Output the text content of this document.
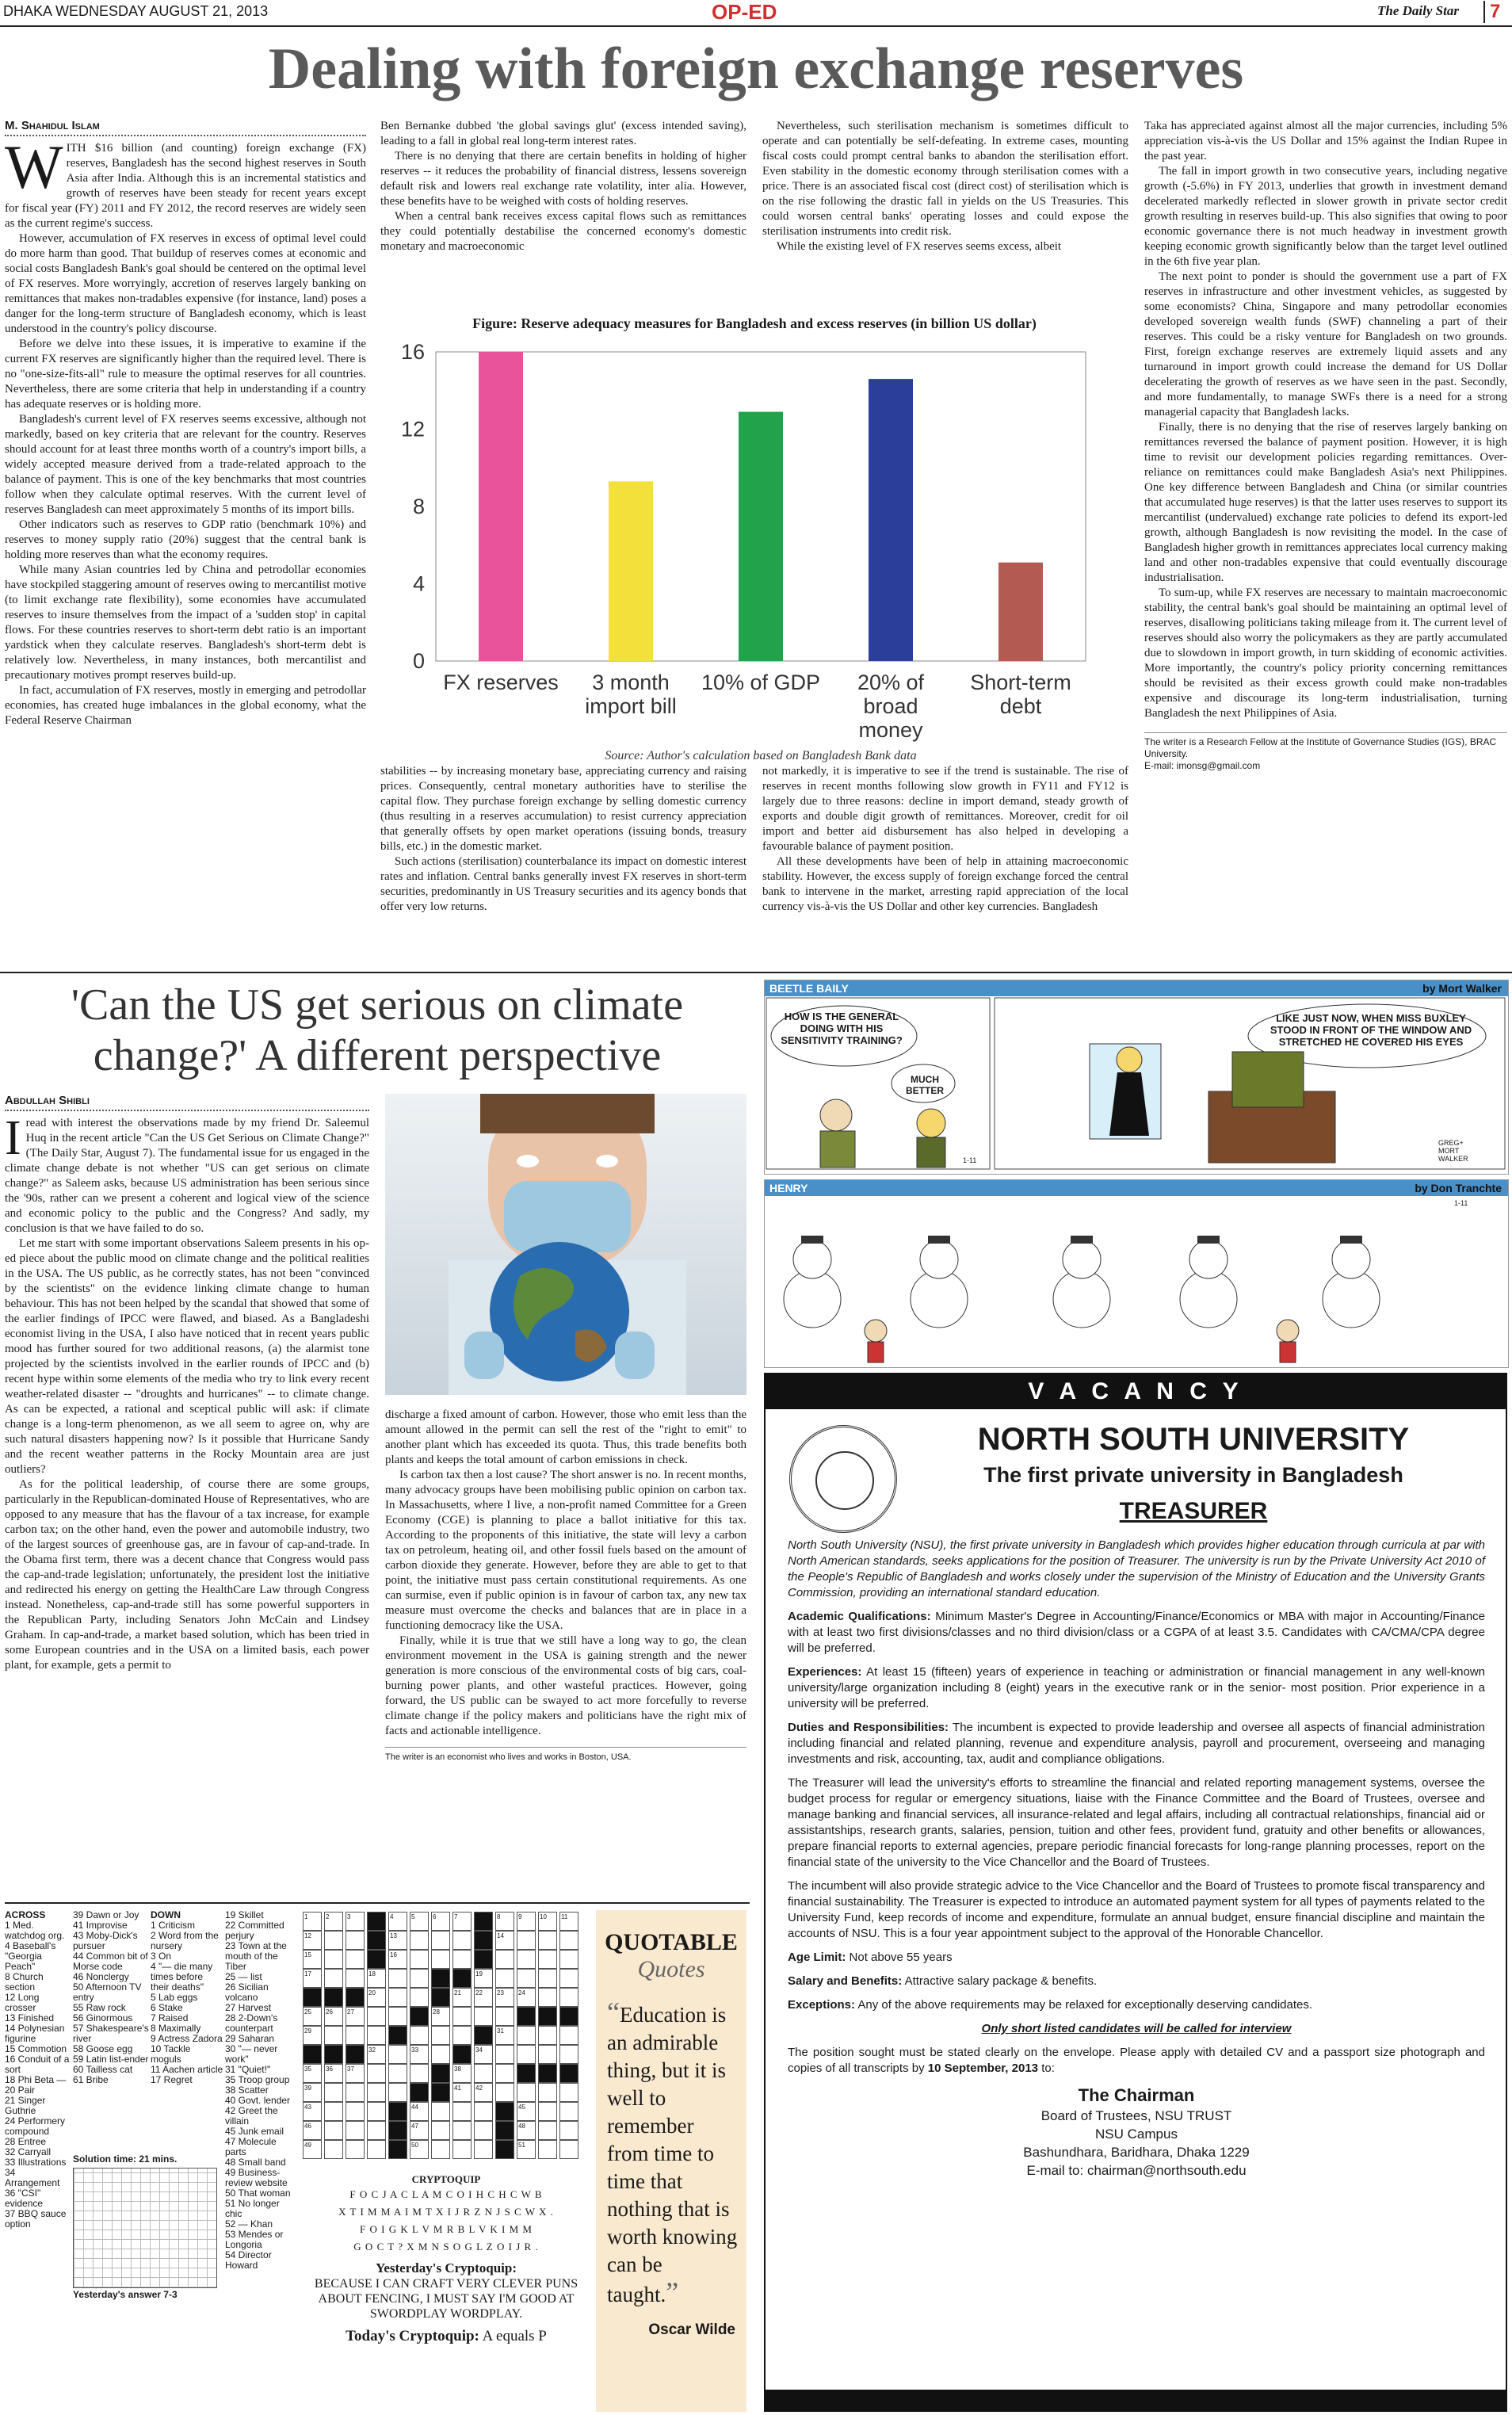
DHAKA WEDNESDAY AUGUST 21, 2013	OP-ED	The Daily Star	7
Dealing with foreign exchange reserves
M. Shahidul Islam

WITH $16 billion (and counting) foreign exchange (FX) reserves, Bangladesh has the second highest reserves in South Asia after India. Although this is an incremental statistics and growth of reserves have been steady for recent years except for fiscal year (FY) 2011 and FY 2012, the record reserves are widely seen as the current regime's success.

However, accumulation of FX reserves in excess of optimal level could do more harm than good. That buildup of reserves comes at economic and social costs Bangladesh Bank's goal should be centered on the optimal level of FX reserves. More worryingly, accretion of reserves largely banking on remittances that makes non-tradables expensive (for instance, land) poses a danger for the long-term structure of Bangladesh economy, which is least understood in the country's policy discourse.

Before we delve into these issues, it is imperative to examine if the current FX reserves are significantly higher than the required level. There is no "one-size-fits-all" rule to measure the optimal reserves for all countries. Nevertheless, there are some criteria that help in understanding if a country has adequate reserves or is holding more.

Bangladesh's current level of FX reserves seems excessive, although not markedly, based on key criteria that are relevant for the country. Reserves should account for at least three months worth of a country's import bills, a widely accepted measure derived from a trade-related approach to the balance of payment. This is one of the key benchmarks that most countries follow when they calculate optimal reserves. With the current level of reserves Bangladesh can meet approximately 5 months of its import bills.

Other indicators such as reserves to GDP ratio (benchmark 10%) and reserves to money supply ratio (20%) suggest that the central bank is holding more reserves than what the economy requires.

While many Asian countries led by China and petrodollar economies have stockpiled staggering amount of reserves owing to mercantilist motive (to limit exchange rate flexibility), some economies have accumulated reserves to insure themselves from the impact of a 'sudden stop' in capital flows. For these countries reserves to short-term debt ratio is an important yardstick when they calculate reserves. Bangladesh's short-term debt is relatively low. Nevertheless, in many instances, both mercantilist and precautionary motives prompt reserves build-up.

In fact, accumulation of FX reserves, mostly in emerging and petrodollar economies, has created huge imbalances in the global economy, what the Federal Reserve Chairman

Ben Bernanke dubbed 'the global savings glut' (excess intended saving), leading to a fall in global real long-term interest rates.

There is no denying that there are certain benefits in holding of higher reserves -- it reduces the probability of financial distress, lessens sovereign default risk and lowers real exchange rate volatility, inter alia. However, these benefits have to be weighed with costs of holding reserves.

When a central bank receives excess capital flows such as remittances they could potentially destabilise the concerned economy's domestic monetary and macroeconomic

Nevertheless, such sterilisation mechanism is sometimes difficult to operate and can potentially be self-defeating. In extreme cases, mounting fiscal costs could prompt central banks to abandon the sterilisation effort. Even stability in the domestic economy through sterilisation comes with a price. There is an associated fiscal cost (direct cost) of sterilisation which is on the rise following the drastic fall in yields on the US Treasuries. This could worsen central banks' operating losses and could expose the sterilisation instruments into credit risk.

While the existing level of FX reserves seems excess, albeit

Figure: Reserve adequacy measures for Bangladesh and excess reserves (in billion US dollar)
0
4
8
12
16
FX reserves	3 month import bill
10% of GDP 20% of broad money
Short-term debt
Source: Author's calculation based on Bangladesh Bank data

stabilities -- by increasing monetary base, appreciating currency and raising prices. Consequently, central monetary authorities have to sterilise the capital flow. They purchase foreign exchange by selling domestic currency (thus resulting in a reserves accumulation) to resist currency appreciation that generally offsets by open market operations (issuing bonds, treasury bills, etc.) in the domestic market.

Such actions (sterilisation) counterbalance its impact on domestic interest rates and inflation. Central banks generally invest FX reserves in short-term securities, predominantly in US Treasury securities and its agency bonds that offer very low returns.

not markedly, it is imperative to see if the trend is sustainable. The rise of reserves in recent months following slow growth in FY11 and FY12 is largely due to three reasons: decline in import demand, steady growth of exports and double digit growth of remittances. Moreover, credit for oil import and better aid disbursement has also helped in developing a favourable balance of payment position.

All these developments have been of help in attaining macroeconomic stability. However, the excess supply of foreign exchange forced the central bank to intervene in the market, arresting rapid appreciation of the local currency vis-à-vis the US Dollar and other key currencies. Bangladesh

Taka has appreciated against almost all the major currencies, including 5% appreciation vis-à-vis the US Dollar and 15% against the Indian Rupee in the past year.

The fall in import growth in two consecutive years, including negative growth (-5.6%) in FY 2013, underlies that growth in investment demand decelerated markedly reflected in slower growth in private sector credit growth resulting in reserves build-up. This also signifies that owing to poor economic governance there is not much headway in investment growth keeping economic growth significantly below than the target level outlined in the 6th five year plan.

The next point to ponder is should the government use a part of FX reserves in infrastructure and other investment vehicles, as suggested by some economists? China, Singapore and many petrodollar economies developed sovereign wealth funds (SWF) channeling a part of their reserves. This could be a risky venture for Bangladesh on two grounds. First, foreign exchange reserves are extremely liquid assets and any turnaround in import growth could increase the demand for US Dollar decelerating the growth of reserves as we have seen in the past. Secondly, and more fundamentally, to manage SWFs there is a need for a strong managerial capacity that Bangladesh lacks.

Finally, there is no denying that the rise of reserves largely banking on remittances reversed the balance of payment position. However, it is high time to revisit our development policies regarding remittances. Over-reliance on remittances could make Bangladesh Asia's next Philippines. One key difference between Bangladesh and China (or similar countries that accumulated huge reserves) is that the latter uses reserves to support its mercantilist (undervalued) exchange rate policies to defend its export-led growth, although Bangladesh is now revisiting the model. In the case of Bangladesh higher growth in remittances appreciates local currency making land and other non-tradables expensive that could eventually discourage industrialisation.

To sum-up, while FX reserves are necessary to maintain macroeconomic stability, the central bank's goal should be maintaining an optimal level of reserves, disallowing politicians taking mileage from it. The current level of reserves should also worry the policymakers as they are partly accumulated due to slowdown in import growth, in turn skidding of economic activities. More importantly, the country's policy priority concerning remittances should be revisited as their excess growth could make non-tradables expensive and discourage its long-term industrialisation, turning Bangladesh the next Philippines of Asia.

The writer is a Research Fellow at the Institute of Governance Studies (IGS), BRAC University.
E-mail: imonsg@gmail.com
'Can the US get serious on climate
change?' A different perspective
Abdullah Shibli

Iread with interest the observations made by my friend Dr. Saleemul Huq in the recent article "Can the US Get Serious on Climate Change?" (The Daily Star, August 7). The fundamental issue for us engaged in the climate change debate is not whether "US can get serious on climate change?" as Saleem asks, because US administration has been serious since the '90s, rather can we present a coherent and logical view of the science and economic policy to the public and the Congress? And sadly, my conclusion is that we have failed to do so.

Let me start with some important observations Saleem presents in his op-ed piece about the public mood on climate change and the political realities in the USA. The US public, as he correctly states, has not been "convinced by the scientists" on the evidence linking climate change to human behaviour. This has not been helped by the scandal that showed that some of the earlier findings of IPCC were flawed, and biased. As a Bangladeshi economist living in the USA, I also have noticed that in recent years public mood has further soured for two additional reasons, (a) the alarmist tone projected by the scientists involved in the earlier rounds of IPCC and (b) recent hype within some elements of the media who try to link every recent weather-related disaster -- "droughts and hurricanes" -- to climate change. As can be expected, a rational and sceptical public will ask: if climate change is a long-term phenomenon, as we all seem to agree on, why are such natural disasters happening now? Is it possible that Hurricane Sandy and the recent weather patterns in the Rocky Mountain area are just outliers?

As for the political leadership, of course there are some groups, particularly in the Republican-dominated House of Representatives, who are opposed to any measure that has the flavour of a tax increase, for example carbon tax; on the other hand, even the power and automobile industry, two of the largest sources of greenhouse gas, are in favour of cap-and-trade. In the Obama first term, there was a decent chance that Congress would pass the cap-and-trade legislation; unfortunately, the president lost the initiative and redirected his energy on getting the HealthCare Law through Congress instead. Nonetheless, cap-and-trade still has some powerful supporters in the Republican Party, including Senators John McCain and Lindsey Graham. In cap-and-trade, a market based solution, which has been tried in some European countries and in the USA on a limited basis, each power plant, for example, gets a permit to

discharge a fixed amount of carbon. However, those who emit less than the amount allowed in the permit can sell the rest of the "right to emit" to another plant which has exceeded its quota. Thus, this trade benefits both plants and keeps the total amount of carbon emissions in check.

Is carbon tax then a lost cause? The short answer is no. In recent months, many advocacy groups have been mobilising public opinion on carbon tax. In Massachusetts, where I live, a non-profit named Committee for a Green Economy (CGE) is planning to place a ballot initiative for this tax. According to the proponents of this initiative, the state will levy a carbon tax on petroleum, heating oil, and other fossil fuels based on the amount of carbon dioxide they generate. However, before they are able to get to that point, the initiative must pass certain constitutional requirements. As one can surmise, even if public opinion is in favour of carbon tax, any new tax measure must overcome the checks and balances that are in place in a functioning democracy like the USA.

Finally, while it is true that we still have a long way to go, the clean environment movement in the USA is gaining strength and the newer generation is more conscious of the environmental costs of big cars, coal-burning power plants, and other wasteful practices. However, going forward, the US public can be swayed to act more forcefully to reverse climate change if the policy makers and politicians have the right mix of facts and actionable intelligence.

The writer is an economist who lives and works in Boston, USA.
BEETLE BAILY	by Mort Walker
HOW IS THE GENERAL DOING WITH HIS SENSITIVITY TRAINING?
MUCH BETTER
LIKE JUST NOW, WHEN MISS BUXLEY STOOD IN FRONT OF THE WINDOW AND STRETCHED HE COVERED HIS EYES
1-11
GREG+ MORT WALKER
HENRY	by Don Tranchte
1-11
V A C A N C Y
NORTH SOUTH UNIVERSITY
The first private university in Bangladesh
TREASURER

North South University (NSU), the first private university in Bangladesh which provides higher education through curricula at par with North American standards, seeks applications for the position of Treasurer. The university is run by the Private University Act 2010 of the People's Republic of Bangladesh and works closely under the supervision of the Ministry of Education and the University Grants Commission, providing an international standard education.

Academic Qualifications: Minimum Master's Degree in Accounting/Finance/Economics or MBA with major in Accounting/Finance with at least two first divisions/classes and no third division/class or a CGPA of at least 3.5. Candidates with CA/CMA/CPA degree will be preferred.

Experiences: At least 15 (fifteen) years of experience in teaching or administration or financial management in any well-known university/large organization including 8 (eight) years in the executive rank or in the senior- most position. Prior experience in a university will be preferred.

Duties and Responsibilities: The incumbent is expected to provide leadership and oversee all aspects of financial administration including financial and related planning, revenue and expenditure analysis, payroll and procurement, overseeing and managing investments and risk, accounting, tax, audit and compliance obligations.

The Treasurer will lead the university's efforts to streamline the financial and related reporting management systems, oversee the budget process for regular or emergency situations, liaise with the Finance Committee and the Board of Trustees, oversee and manage banking and financial services, all insurance-related and legal affairs, including all contractual relationships, financial aid or assistantships, research grants, salaries, pension, tuition and other fees, provident fund, gratuity and other benefits or allowances, prepare financial reports to external agencies, prepare periodic financial forecasts for long-range planning processes, report on the financial state of the university to the Vice Chancellor and the Board of Trustees.

The incumbent will also provide strategic advice to the Vice Chancellor and the Board of Trustees to promote fiscal transparency and financial sustainability. The Treasurer is expected to introduce an automated payment system for all types of payments related to the University Fund, keep records of income and expenditure, formulate an annual budget, ensure financial discipline and maintain the accounts of NSU. This is a four year appointment subject to the approval of the Honorable Chancellor.

Age Limit: Not above 55 years

Salary and Benefits: Attractive salary package & benefits.

Exceptions: Any of the above requirements may be relaxed for exceptionally deserving candidates.

Only short listed candidates will be called for interview

The position sought must be stated clearly on the envelope. Please apply with detailed CV and a passport size photograph and copies of all transcripts by 10 September, 2013 to:

The Chairman
Board of Trustees, NSU TRUST
NSU Campus
Bashundhara, Baridhara, Dhaka 1229
E-mail to: chairman@northsouth.edu
ACROSS
1 Med. watchdog org.
4 Baseball's "Georgia Peach"
8 Church section
12 Long crosser
13 Finished
14 Polynesian figurine
15 Commotion
16 Conduit of a sort
18 Phi Beta —
20 Pair
21 Singer Guthrie
24 Performery compound
28 Entree
32 Carryall
33 Illustrations
34 Arrangement
36 "CSI" evidence
37 BBQ sauce option
39 Dawn or Joy
41 Improvise
43 Moby-Dick's pursuer
44 Common bit of Morse code
46 Nonclergy
50 Afternoon TV entry
55 Raw rock
56 Ginormous
57 Shakespeare's river
58 Goose egg
59 Latin list-ender
60 Tailless cat
61 Bribe
DOWN
1 Criticism
2 Word from the nursery
3 On
4 "— die many times before their deaths"
5 Lab eggs
6 Stake
7 Raised
8 Maximally
9 Actress Zadora
10 Tackle moguls
11 Aachen article
17 Regret
19 Skillet
22 Committed perjury
23 Town at the mouth of the Tiber
25 — list
26 Sicilian volcano
27 Harvest
28 2-Down's counterpart
29 Saharan
30 "— never work"
31 "Quiet!"
35 Troop group
38 Scatter
40 Govt. lender
42 Greet the villain
45 Junk email
47 Molecule parts
48 Small band
49 Business-review website
50 That woman
51 No longer chic
52 — Khan
53 Mendes or Longoria
54 Director Howard
Solution time: 21 mins.
Yesterday's answer 7-3
1	2	3	4	5	6	7	8	9	10	11
12	13	14
15	16
17	18	19
20	21	22	23	24
25	26	27	28
29	31
32	33	34
35	36	37	38
39	41	42
43	44	45
46	47	48
49	50	51
CRYPTOQUIP
F O C J A C L A M C O I H C H C W B
X T I M M A I M T X I J R Z N J S C W X .
F O I G K L V M R B L V K I M M
G O C T ? X M N S O G L Z O I J R .
Yesterday's Cryptoquip:
BECAUSE I CAN CRAFT VERY CLEVER PUNS ABOUT FENCING, I MUST SAY I'M GOOD AT SWORDPLAY WORDPLAY.
Today's Cryptoquip: A equals P
QUOTABLE
Quotes
“Education is an admirable thing, but it is well to remember from time to time that nothing that is worth knowing can be taught.”
Oscar Wilde
